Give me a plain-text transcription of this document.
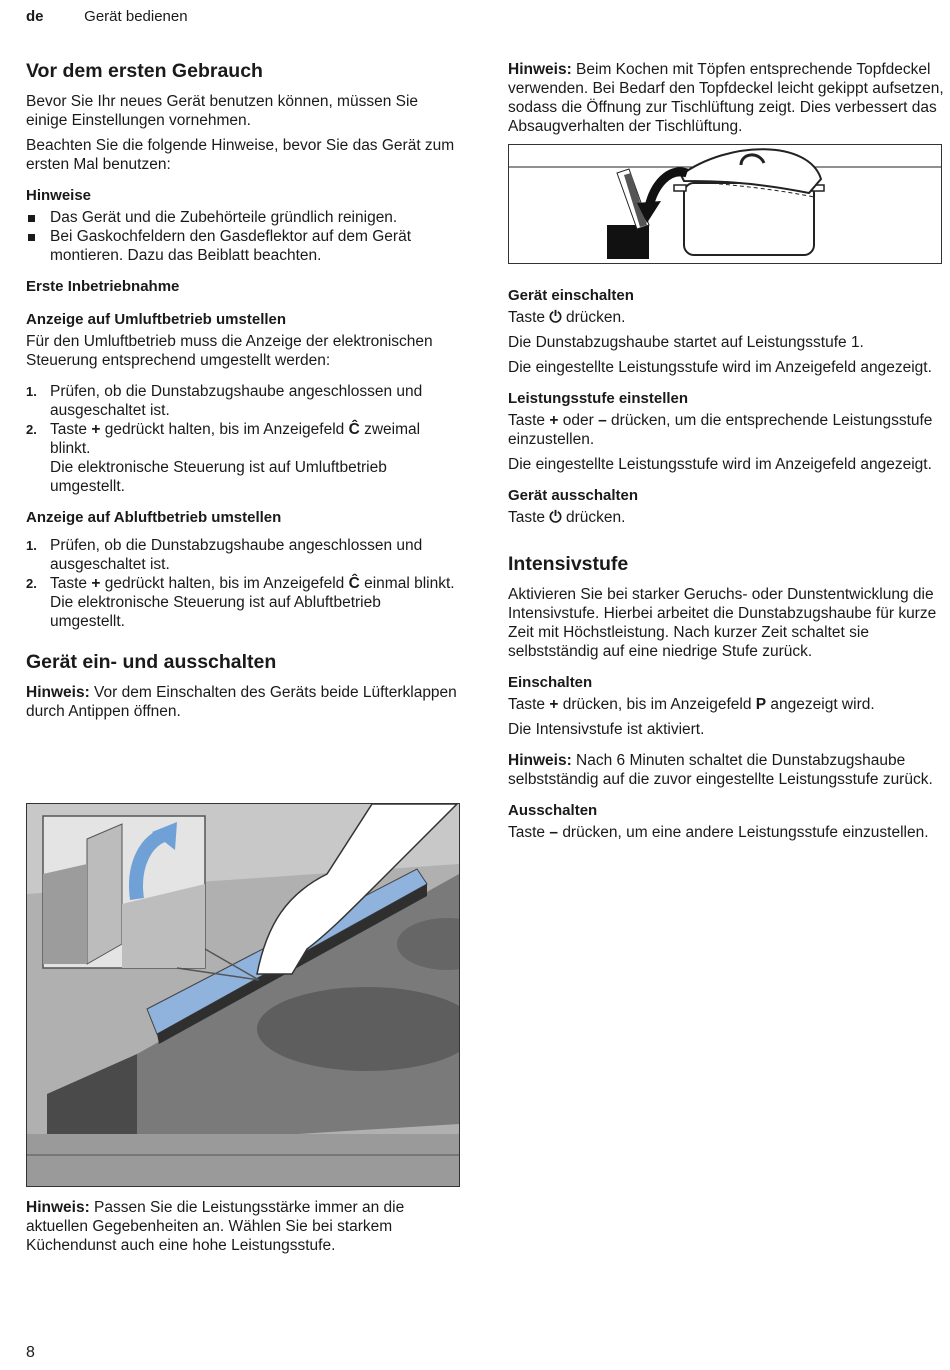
de	Gerät bedienen
Vor dem ersten Gebrauch

Bevor Sie Ihr neues Gerät benutzen können, müssen Sie einige Einstellungen vornehmen.

Beachten Sie die folgende Hinweise, bevor Sie das Gerät zum ersten Mal benutzen:

Hinweise
Das Gerät und die Zubehörteile gründlich reinigen.
Bei Gaskochfeldern den Gasdeflektor auf dem Gerät montieren. Dazu das Beiblatt beachten.
Erste Inbetriebnahme
Anzeige auf Umluftbetrieb umstellen

Für den Umluftbetrieb muss die Anzeige der elektronischen Steuerung entsprechend umgestellt werden:

1. Prüfen, ob die Dunstabzugshaube angeschlossen und ausgeschaltet ist.
2. Taste + gedrückt halten, bis im Anzeigefeld Ĉ zweimal blinkt.
Die elektronische Steuerung ist auf Umluftbetrieb umgestellt.
Anzeige auf Abluftbetrieb umstellen
1. Prüfen, ob die Dunstabzugshaube angeschlossen und ausgeschaltet ist.
2. Taste + gedrückt halten, bis im Anzeigefeld Ĉ einmal blinkt.
Die elektronische Steuerung ist auf Abluftbetrieb umgestellt.
Gerät ein- und ausschalten

Hinweis: Vor dem Einschalten des Geräts beide Lüfterklappen durch Antippen öffnen.

Hinweis: Passen Sie die Leistungsstärke immer an die aktuellen Gegebenheiten an. Wählen Sie bei starkem Küchendunst auch eine hohe Leistungsstufe.

Hinweis: Beim Kochen mit Töpfen entsprechende Topfdeckel verwenden. Bei Bedarf den Topfdeckel leicht gekippt aufsetzen, sodass die Öffnung zur Tischlüftung zeigt. Dies verbessert das Absaugverhalten der Tischlüftung.

Gerät einschalten

Taste ⏻ drücken.

Die Dunstabzugshaube startet auf Leistungsstufe 1.

Die eingestellte Leistungsstufe wird im Anzeigefeld angezeigt.

Leistungsstufe einstellen

Taste + oder – drücken, um die entsprechende Leistungsstufe einzustellen.

Die eingestellte Leistungsstufe wird im Anzeigefeld angezeigt.

Gerät ausschalten

Taste ⏻ drücken.

Intensivstufe

Aktivieren Sie bei starker Geruchs- oder Dunstentwicklung die Intensivstufe. Hierbei arbeitet die Dunstabzugshaube für kurze Zeit mit Höchstleistung. Nach kurzer Zeit schaltet sie selbstständig auf eine niedrige Stufe zurück.

Einschalten

Taste + drücken, bis im Anzeigefeld P angezeigt wird.

Die Intensivstufe ist aktiviert.

Hinweis: Nach 6 Minuten schaltet die Dunstabzugshaube selbstständig auf die zuvor eingestellte Leistungsstufe zurück.

Ausschalten

Taste – drücken, um eine andere Leistungsstufe einzustellen.

8
